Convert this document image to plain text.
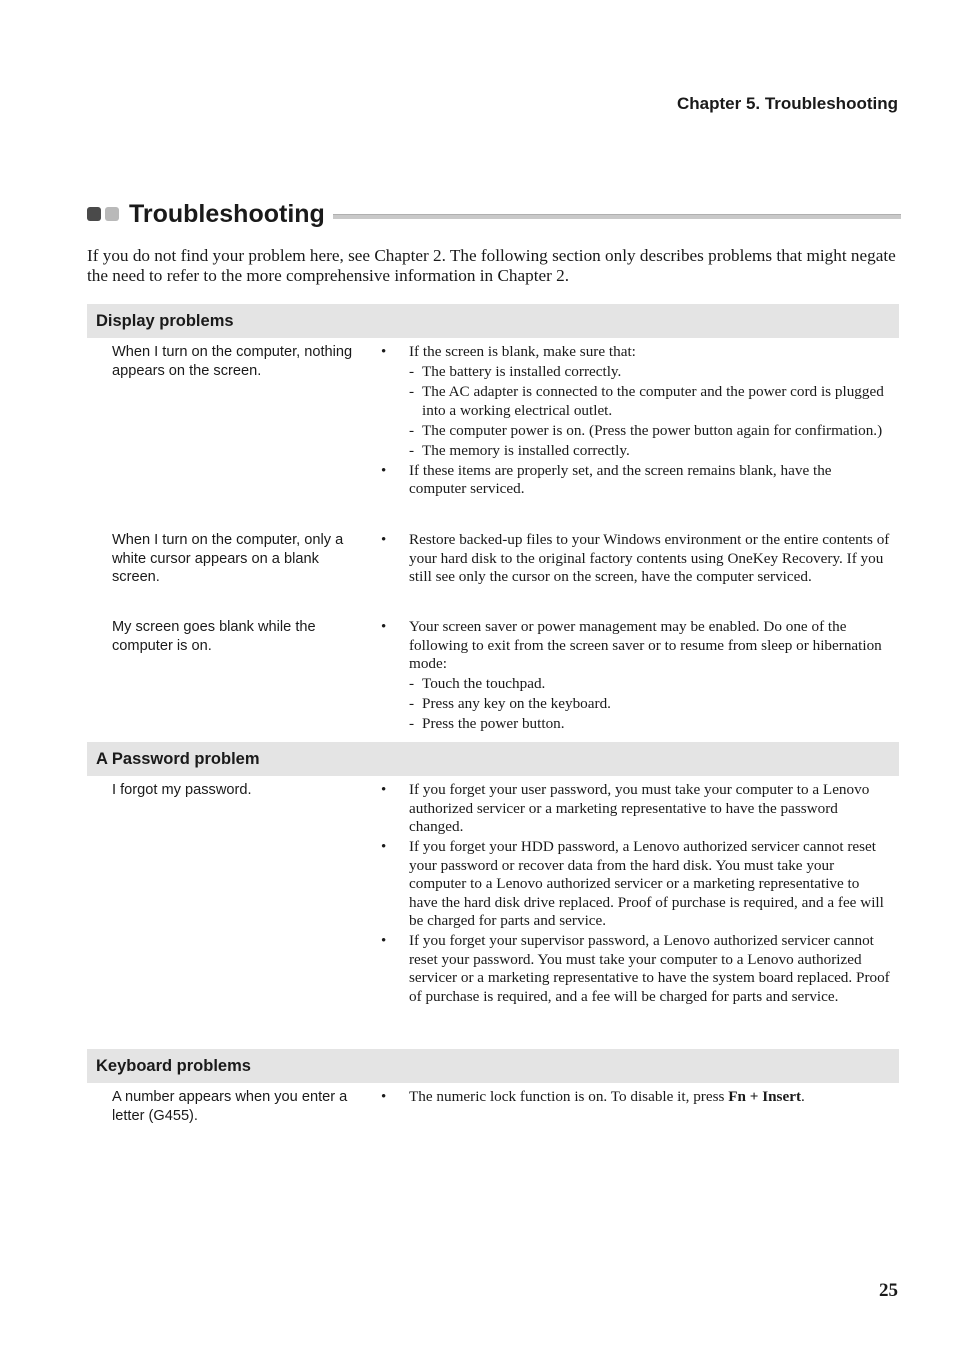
Chapter 5. Troubleshooting
Troubleshooting

If you do not find your problem here, see Chapter 2. The following section only describes problems that might negate the need to refer to the more comprehensive information in Chapter 2.

Display problems
When I turn on the computer, nothing appears on the screen.
• If the screen is blank, make sure that:
- The battery is installed correctly.
- The AC adapter is connected to the computer and the power cord is plugged into a working electrical outlet.
- The computer power is on. (Press the power button again for confirmation.)
- The memory is installed correctly.
• If these items are properly set, and the screen remains blank, have the computer serviced.
When I turn on the computer, only a white cursor appears on a blank screen.
• Restore backed-up files to your Windows environment or the entire contents of your hard disk to the original factory contents using OneKey Recovery. If you still see only the cursor on the screen, have the computer serviced.
My screen goes blank while the computer is on.
• Your screen saver or power management may be enabled. Do one of the following to exit from the screen saver or to resume from sleep or hibernation mode:
- Touch the touchpad.
- Press any key on the keyboard.
- Press the power button.
A Password problem
I forgot my password.
•	If you forget your user password, you must take your computer to a Lenovo authorized servicer or a marketing representative to have the password changed.
• If you forget your HDD password, a Lenovo authorized servicer cannot reset your password or recover data from the hard disk. You must take your computer to a Lenovo authorized servicer or a marketing representative to have the hard disk drive replaced. Proof of purchase is required, and a fee will be charged for parts and service.
• If you forget your supervisor password, a Lenovo authorized servicer cannot reset your password. You must take your computer to a Lenovo authorized servicer or a marketing representative to have the system board replaced. Proof of purchase is required, and a fee will be charged for parts and service.
Keyboard problems
A number appears when you enter a letter (G455).
• The numeric lock function is on. To disable it, press Fn + Insert.
25
